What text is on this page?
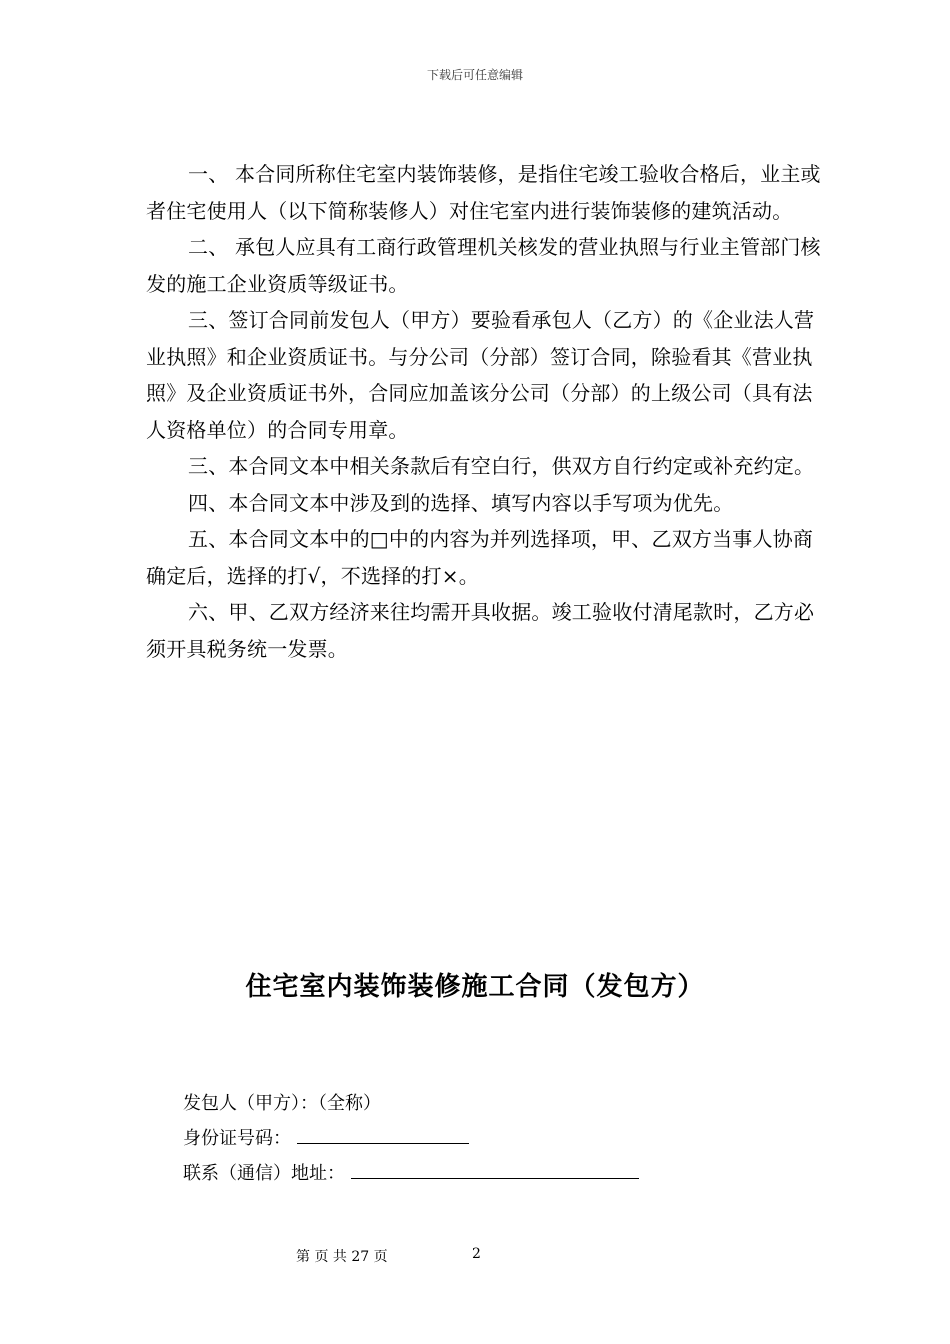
下载后可任意编辑

一、 本合同所称住宅室内装饰装修，是指住宅竣工验收合格后，业主或者住宅使用人（以下简称装修人）对住宅室内进行装饰装修的建筑活动。

二、 承包人应具有工商行政管理机关核发的营业执照与行业主管部门核发的施工企业资质等级证书。

三、签订合同前发包人（甲方）要验看承包人（乙方）的《企业法人营业执照》和企业资质证书。与分公司（分部）签订合同，除验看其《营业执照》及企业资质证书外，合同应加盖该分公司（分部）的上级公司（具有法人资格单位）的合同专用章。

三、本合同文本中相关条款后有空白行，供双方自行约定或补充约定。

四、本合同文本中涉及到的选择、填写内容以手写项为优先。

五、本合同文本中的□中的内容为并列选择项，甲、乙双方当事人协商确定后，选择的打√，不选择的打×。

六、甲、乙双方经济来往均需开具收据。竣工验收付清尾款时，乙方必须开具税务统一发票。

住宅室内装饰装修施工合同（发包方）
发包人（甲方）：（全称）
身份证号码：
联系（通信）地址：
第 页 共 27 页	2
